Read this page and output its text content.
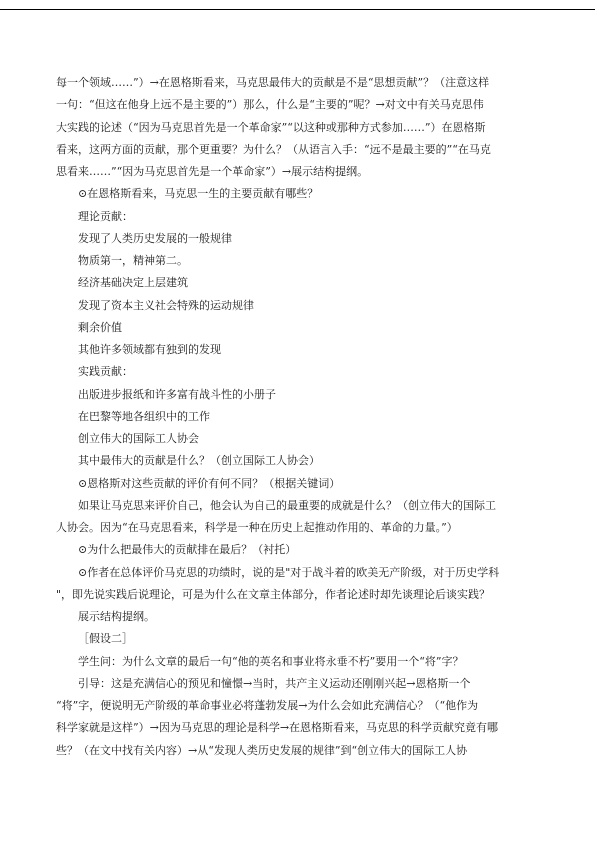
每一个领域……”）→在恩格斯看来，马克思最伟大的贡献是不是“思想贡献”？（注意这样
一句：“但这在他身上远不是主要的”）那么，什么是“主要的”呢？→对文中有关马克思伟
大实践的论述（“因为马克思首先是一个革命家”“以这种或那种方式参加……”）在恩格斯
看来，这两方面的贡献，那个更重要？为什么？（从语言入手：“远不是最主要的”“在马克
思看来……”“因为马克思首先是一个革命家”）→展示结构提纲。
⊙在恩格斯看来，马克思一生的主要贡献有哪些？
理论贡献：
发现了人类历史发展的一般规律
物质第一，精神第二。
经济基础决定上层建筑
发现了资本主义社会特殊的运动规律
剩余价值
其他许多领域都有独到的发现
实践贡献：
出版进步报纸和许多富有战斗性的小册子
在巴黎等地各组织中的工作
创立伟大的国际工人协会
其中最伟大的贡献是什么？（创立国际工人协会）
⊙恩格斯对这些贡献的评价有何不同？（根据关键词）
如果让马克思来评价自己，他会认为自己的最重要的成就是什么？（创立伟大的国际工
人协会。因为“在马克思看来，科学是一种在历史上起推动作用的、革命的力量。”）
⊙为什么把最伟大的贡献排在最后？（衬托）
⊙作者在总体评价马克思的功绩时，说的是"对于战斗着的欧美无产阶级，对于历史学科
"，即先说实践后说理论，可是为什么在文章主体部分，作者论述时却先谈理论后谈实践？
展示结构提纲。
［假设二］
学生问：为什么文章的最后一句“他的英名和事业将永垂不朽”要用一个“将”字？
引导：这是充满信心的预见和憧憬→当时，共产主义运动还刚刚兴起→恩格斯一个
“将”字，便说明无产阶级的革命事业必将蓬勃发展→为什么会如此充满信心？（“他作为
科学家就是这样”）→因为马克思的理论是科学→在恩格斯看来，马克思的科学贡献究竟有哪
些？（在文中找有关内容）→从“发现人类历史发展的规律”到“创立伟大的国际工人协
